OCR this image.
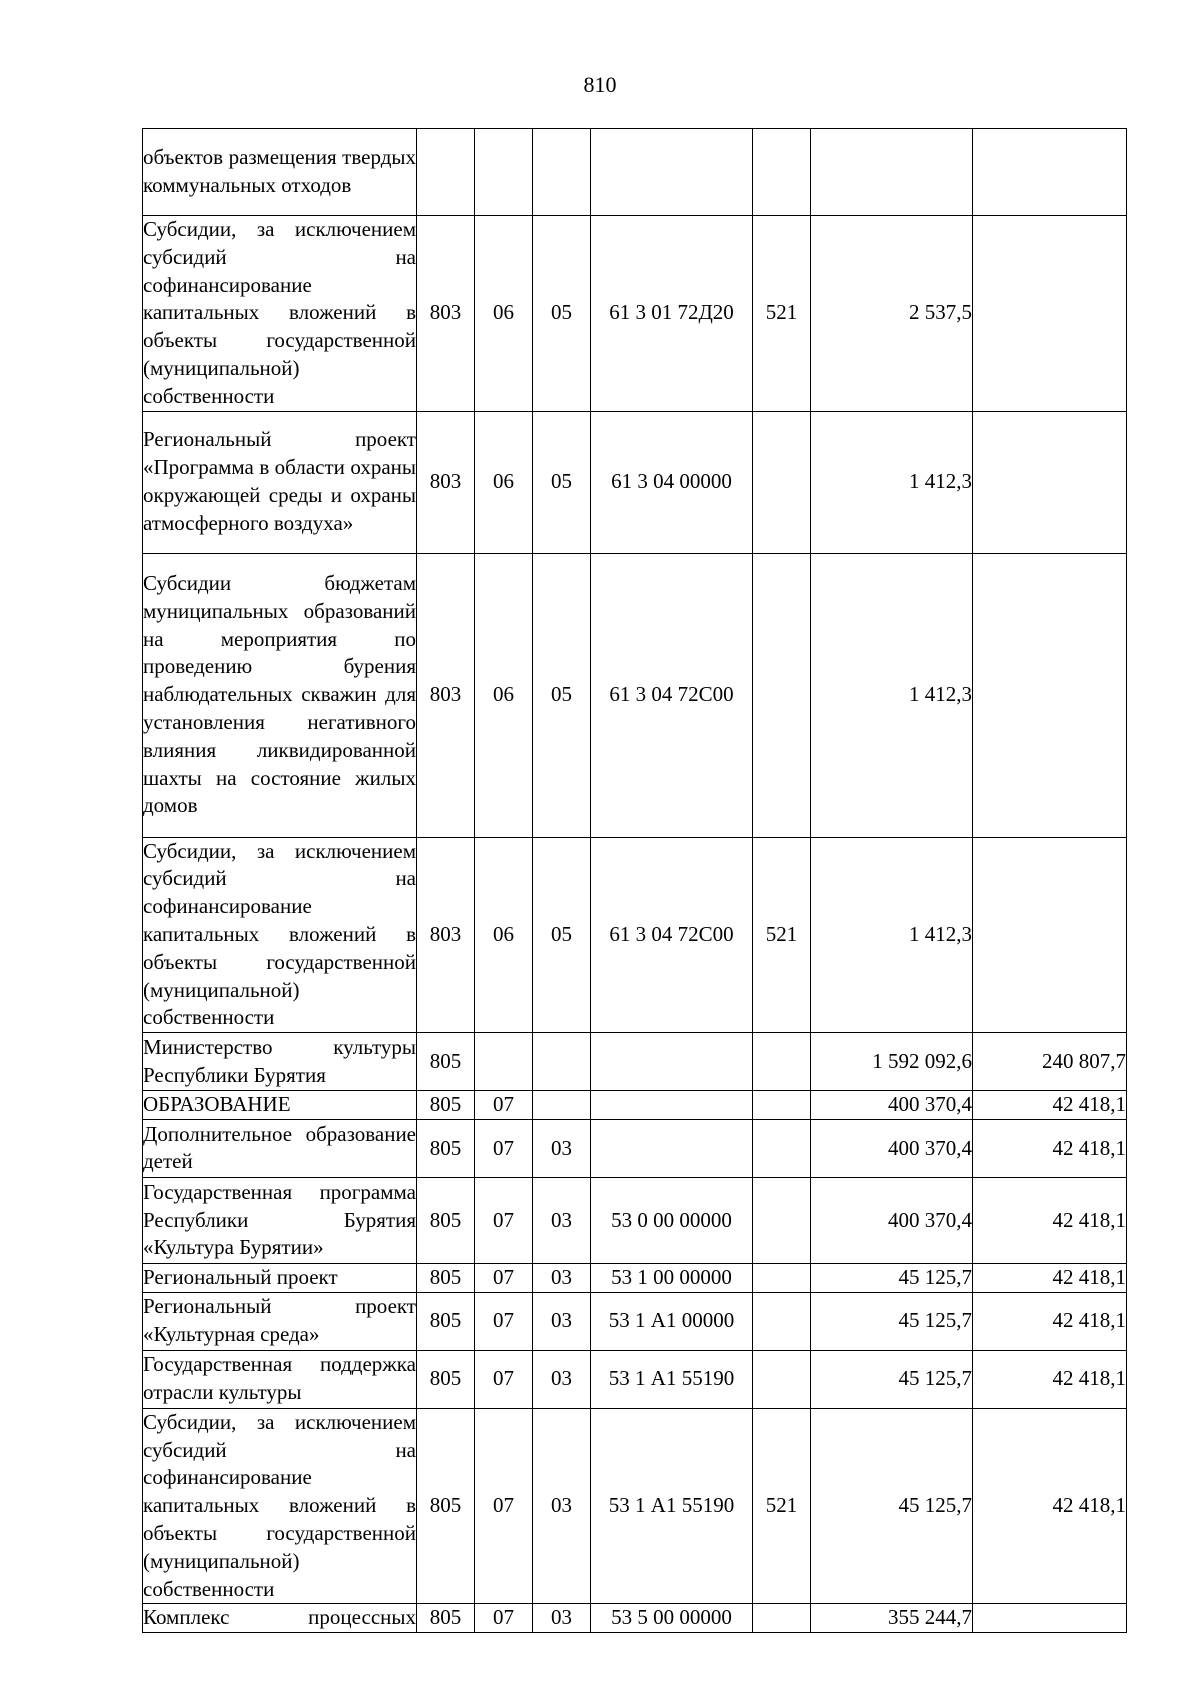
810
объектов размещения твердых коммунальных отходов							

Субсидии, за исключением субсидий на софинансирование капитальных вложений в объекты государственной (муниципальной) собственности	803	06	05	61 3 01 72Д20	521	2 537,5	

Региональный проект «Программа в области охраны окружающей среды и охраны атмосферного воздуха»	803	06	05	61 3 04 00000		1 412,3	

Субсидии бюджетам муниципальных образований на мероприятия по проведению бурения наблюдательных скважин для установления негативного влияния ликвидированной шахты на состояние жилых домов	803	06	05	61 3 04 72С00		1 412,3	

Субсидии, за исключением субсидий на софинансирование капитальных вложений в объекты государственной (муниципальной) собственности	803	06	05	61 3 04 72С00	521	1 412,3	

Министерство культуры Республики Бурятия	805					1 592 092,6	240 807,7

ОБРАЗОВАНИЕ	805	07				400 370,4	42 418,1

Дополнительное образование детей	805	07	03			400 370,4	42 418,1

Государственная программа Республики Бурятия «Культура Бурятии»	805	07	03	53 0 00 00000		400 370,4	42 418,1

Региональный проект	805	07	03	53 1 00 00000		45 125,7	42 418,1

Региональный проект «Культурная среда»	805	07	03	53 1 А1 00000		45 125,7	42 418,1

Государственная поддержка отрасли культуры	805	07	03	53 1 А1 55190		45 125,7	42 418,1

Субсидии, за исключением субсидий на софинансирование капитальных вложений в объекты государственной (муниципальной) собственности	805	07	03	53 1 А1 55190	521	45 125,7	42 418,1

Комплекс процессных	805	07	03	53 5 00 00000		355 244,7	
